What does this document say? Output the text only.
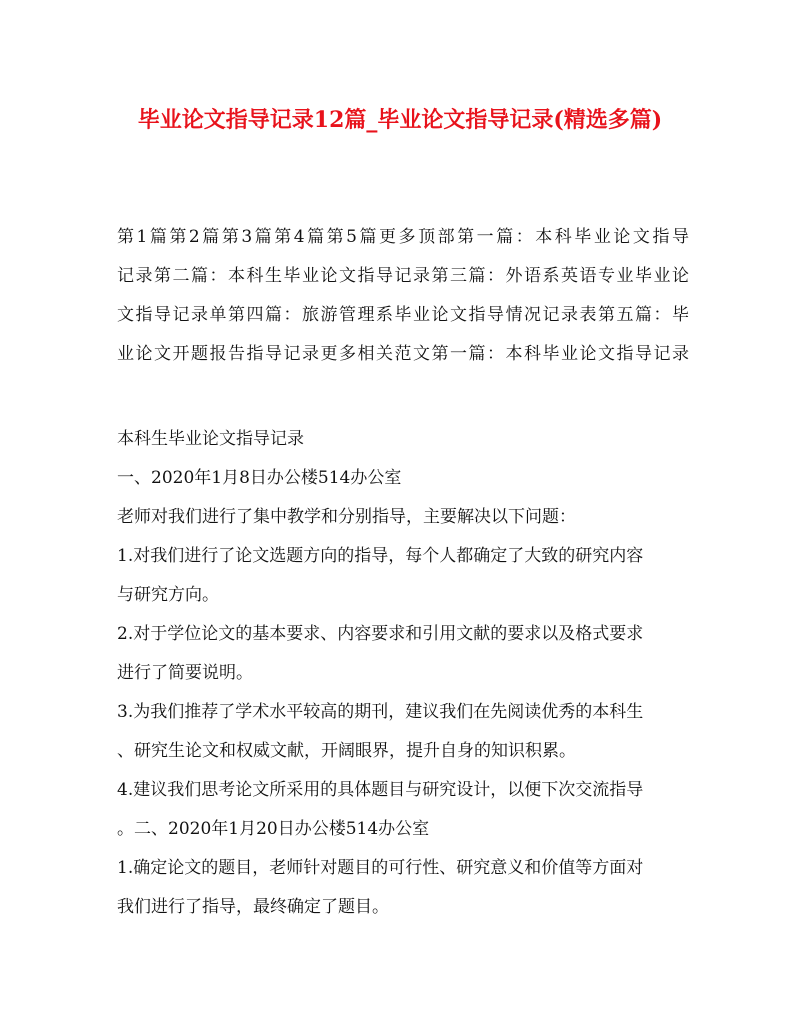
毕业论文指导记录12篇_毕业论文指导记录(精选多篇)
第1篇第2篇第3篇第4篇第5篇更多顶部第一篇：本科毕业论文指导
记录第二篇：本科生毕业论文指导记录第三篇：外语系英语专业毕业论
文指导记录单第四篇：旅游管理系毕业论文指导情况记录表第五篇：毕
业论文开题报告指导记录更多相关范文第一篇：本科毕业论文指导记录
本科生毕业论文指导记录
一、2020年1月8日办公楼514办公室
老师对我们进行了集中教学和分别指导，主要解决以下问题：
1.对我们进行了论文选题方向的指导，每个人都确定了大致的研究内容
与研究方向。
2.对于学位论文的基本要求、内容要求和引用文献的要求以及格式要求
进行了简要说明。
3.为我们推荐了学术水平较高的期刊，建议我们在先阅读优秀的本科生
、研究生论文和权威文献，开阔眼界，提升自身的知识积累。
4.建议我们思考论文所采用的具体题目与研究设计，以便下次交流指导
。二、2020年1月20日办公楼514办公室
1.确定论文的题目，老师针对题目的可行性、研究意义和价值等方面对
我们进行了指导，最终确定了题目。
